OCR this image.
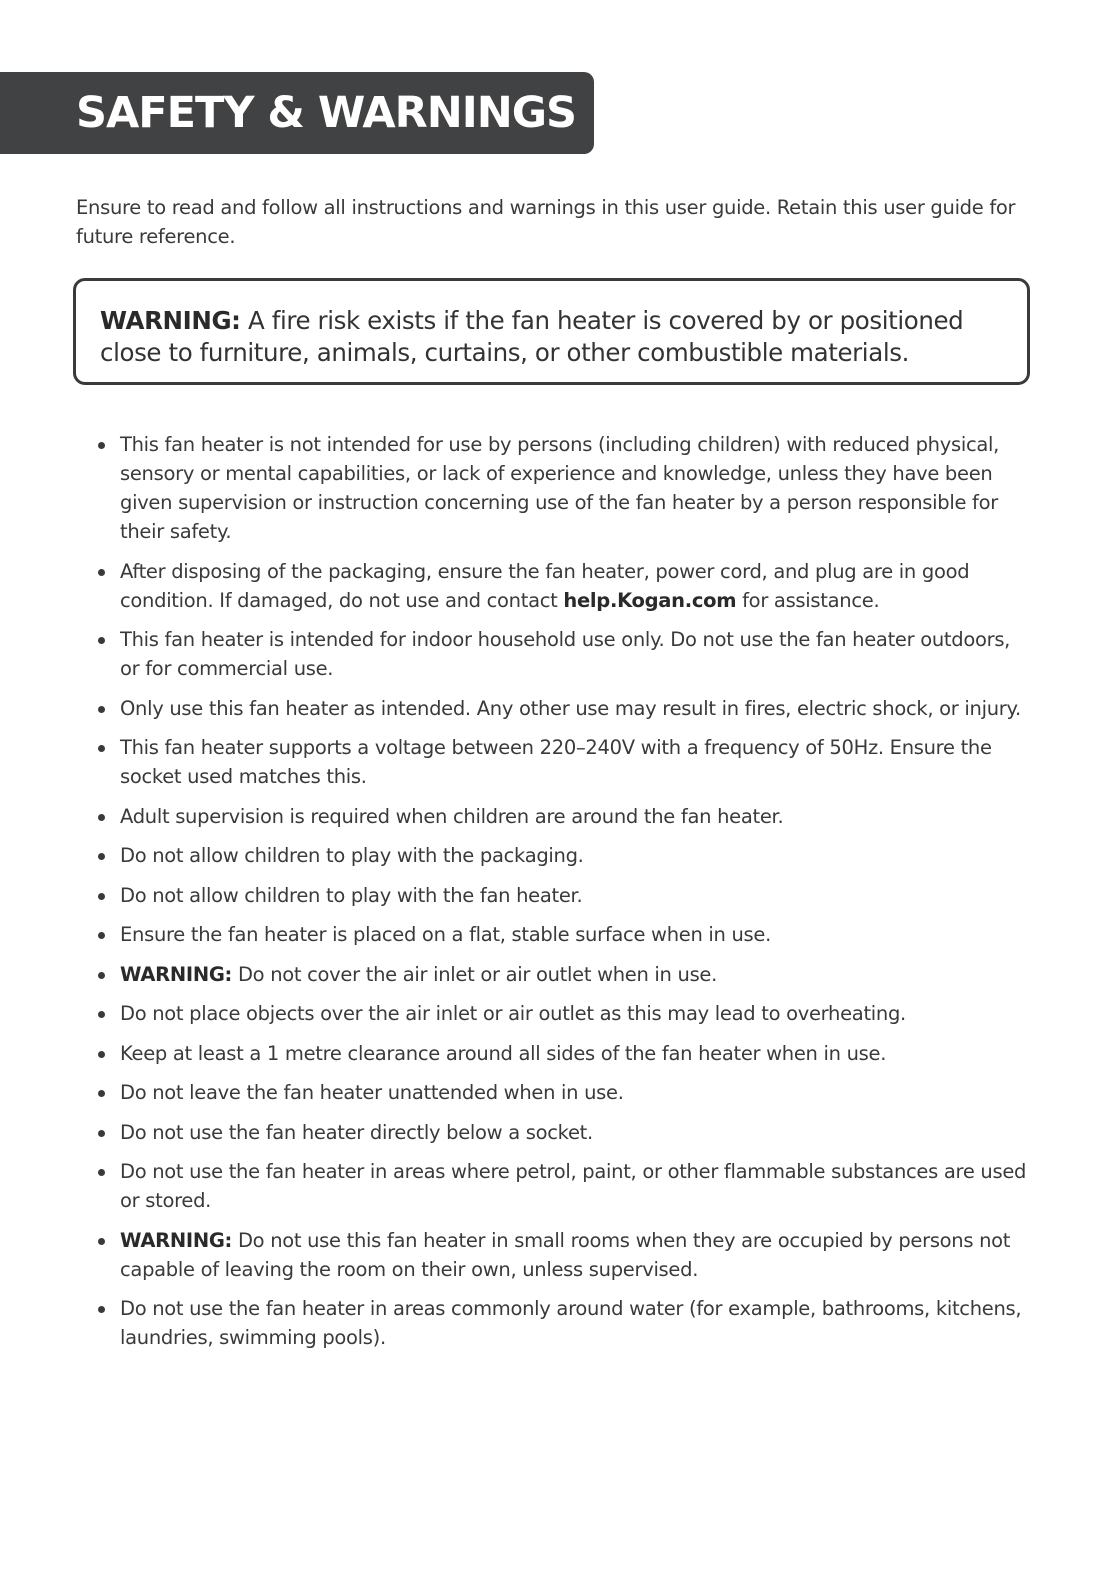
SAFETY & WARNINGS
Ensure to read and follow all instructions and warnings in this user guide. Retain this user guide for future reference.
WARNING: A fire risk exists if the fan heater is covered by or positioned close to furniture, animals, curtains, or other combustible materials.
This fan heater is not intended for use by persons (including children) with reduced physical, sensory or mental capabilities, or lack of experience and knowledge, unless they have been given supervision or instruction concerning use of the fan heater by a person responsible for their safety.
After disposing of the packaging, ensure the fan heater, power cord, and plug are in good condition. If damaged, do not use and contact help.Kogan.com for assistance.
This fan heater is intended for indoor household use only. Do not use the fan heater outdoors, or for commercial use.
Only use this fan heater as intended. Any other use may result in fires, electric shock, or injury.
This fan heater supports a voltage between 220–240V with a frequency of 50Hz. Ensure the socket used matches this.
Adult supervision is required when children are around the fan heater.
Do not allow children to play with the packaging.
Do not allow children to play with the fan heater.
Ensure the fan heater is placed on a flat, stable surface when in use.
WARNING: Do not cover the air inlet or air outlet when in use.
Do not place objects over the air inlet or air outlet as this may lead to overheating.
Keep at least a 1 metre clearance around all sides of the fan heater when in use.
Do not leave the fan heater unattended when in use.
Do not use the fan heater directly below a socket.
Do not use the fan heater in areas where petrol, paint, or other flammable substances are used or stored.
WARNING: Do not use this fan heater in small rooms when they are occupied by persons not capable of leaving the room on their own, unless supervised.
Do not use the fan heater in areas commonly around water (for example, bathrooms, kitchens, laundries, swimming pools).
